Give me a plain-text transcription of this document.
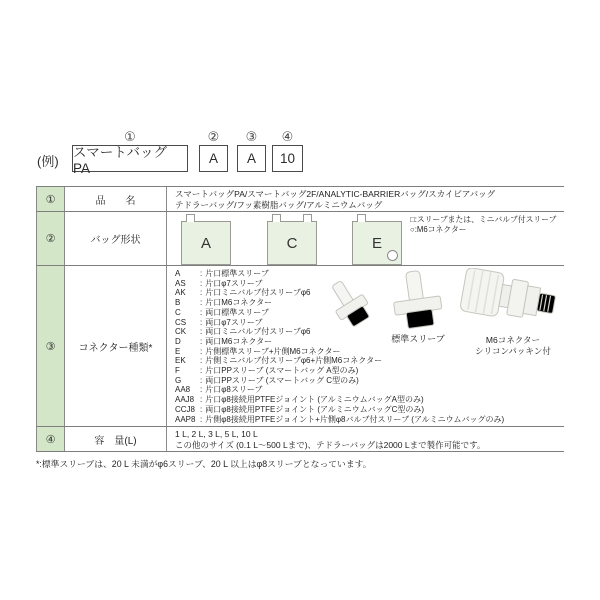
(例)
①
スマートバッグ PA
②
A
③
A
④
10
①	品　　名
スマートバッグPA/スマートバッグ2F/ANALYTIC-BARRIERバッグ/スカイビアバッグ
テドラーバッグ/フッ素樹脂バッグ/アルミニウムバッグ
②	バッグ形状	A	C	E
□:スリーブまたは、ミニバルブ付スリーブ
○:M6コネクター
③	コネクター種類*
A	: 片口標準スリーブ
AS	: 片口φ7スリーブ
AK	: 片口ミニバルブ付スリーブφ6
B	: 片口M6コネクター
C	: 両口標準スリーブ
CS	: 両口φ7スリーブ
CK	: 両口ミニバルブ付スリーブφ6
D	: 両口M6コネクター
E	: 片側標準スリーブ+片側M6コネクター
EK	: 片側ミニバルブ付スリーブφ6+片側M6コネクター
F	: 片口PPスリーブ (スマートバッグ A型のみ)
G	: 両口PPスリーブ (スマートバッグ C型のみ)
AA8	: 片口φ8スリーブ
AAJ8 : 片口φ8接続用PTFEジョイント (アルミニウムバッグA型のみ)
CCJ8 : 両口φ8接続用PTFEジョイント (アルミニウムバッグC型のみ)
AAP8 : 片側φ8接続用PTFEジョイント+片側φ8バルブ付スリーブ (アルミニウムバッグのみ)
標準スリーブ	M6コネクター
シリコンパッキン付
④	容　量(L)
1 L, 2 L, 3 L, 5 L, 10 L
この他のサイズ (0.1 L～500 Lまで)、テドラーバッグは2000 Lまで製作可能です。
*:標準スリーブは、20 L 未満がφ6スリーブ、20 L 以上はφ8スリーブとなっています。
